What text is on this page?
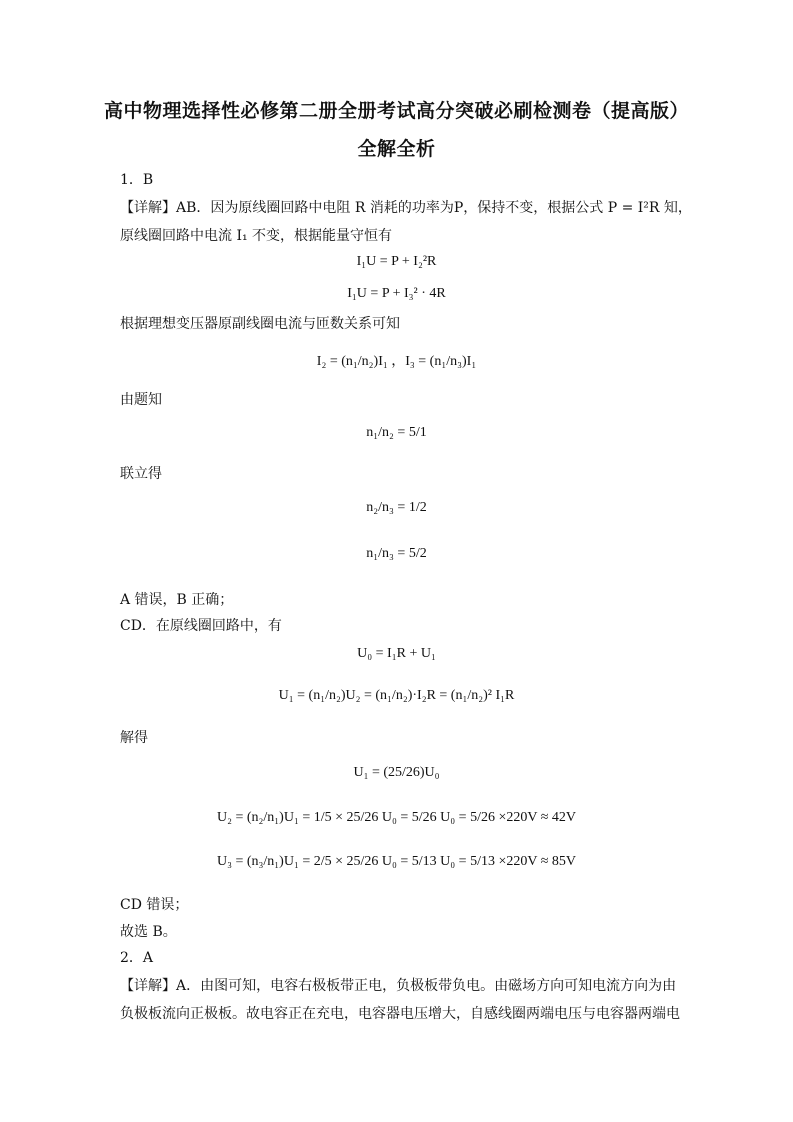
高中物理选择性必修第二册全册考试高分突破必刷检测卷（提高版）
全解全析
1．B
【详解】AB．因为原线圈回路中电阻 R 消耗的功率为P，保持不变，根据公式 P = I²R 知，
原线圈回路中电流 I₁ 不变，根据能量守恒有
I₁U = P + I₂²R
I₁U = P + I₃² · 4R
根据理想变压器原副线圈电流与匝数关系可知
I₂ = (n₁/n₂)I₁ ，I₃ = (n₁/n₃)I₁
由题知
n₁/n₂ = 5/1
联立得
n₂/n₃ = 1/2
n₁/n₃ = 5/2
A 错误，B 正确；
CD．在原线圈回路中，有
U₀ = I₁R + U₁
U₁ = (n₁/n₂)U₂ = (n₁/n₂)·I₂R = (n₁/n₂)² I₁R
解得
U₁ = (25/26)U₀
U₂ = (n₂/n₁)U₁ = 1/5 × 25/26 U₀ = 5/26 U₀ = 5/26 ×220V ≈ 42V
U₃ = (n₃/n₁)U₁ = 2/5 × 25/26 U₀ = 5/13 U₀ = 5/13 ×220V ≈ 85V
CD 错误；
故选 B。
2．A
【详解】A．由图可知，电容右极板带正电，负极板带负电。由磁场方向可知电流方向为由
负极板流向正极板。故电容正在充电，电容器电压增大，自感线圈两端电压与电容器两端电
